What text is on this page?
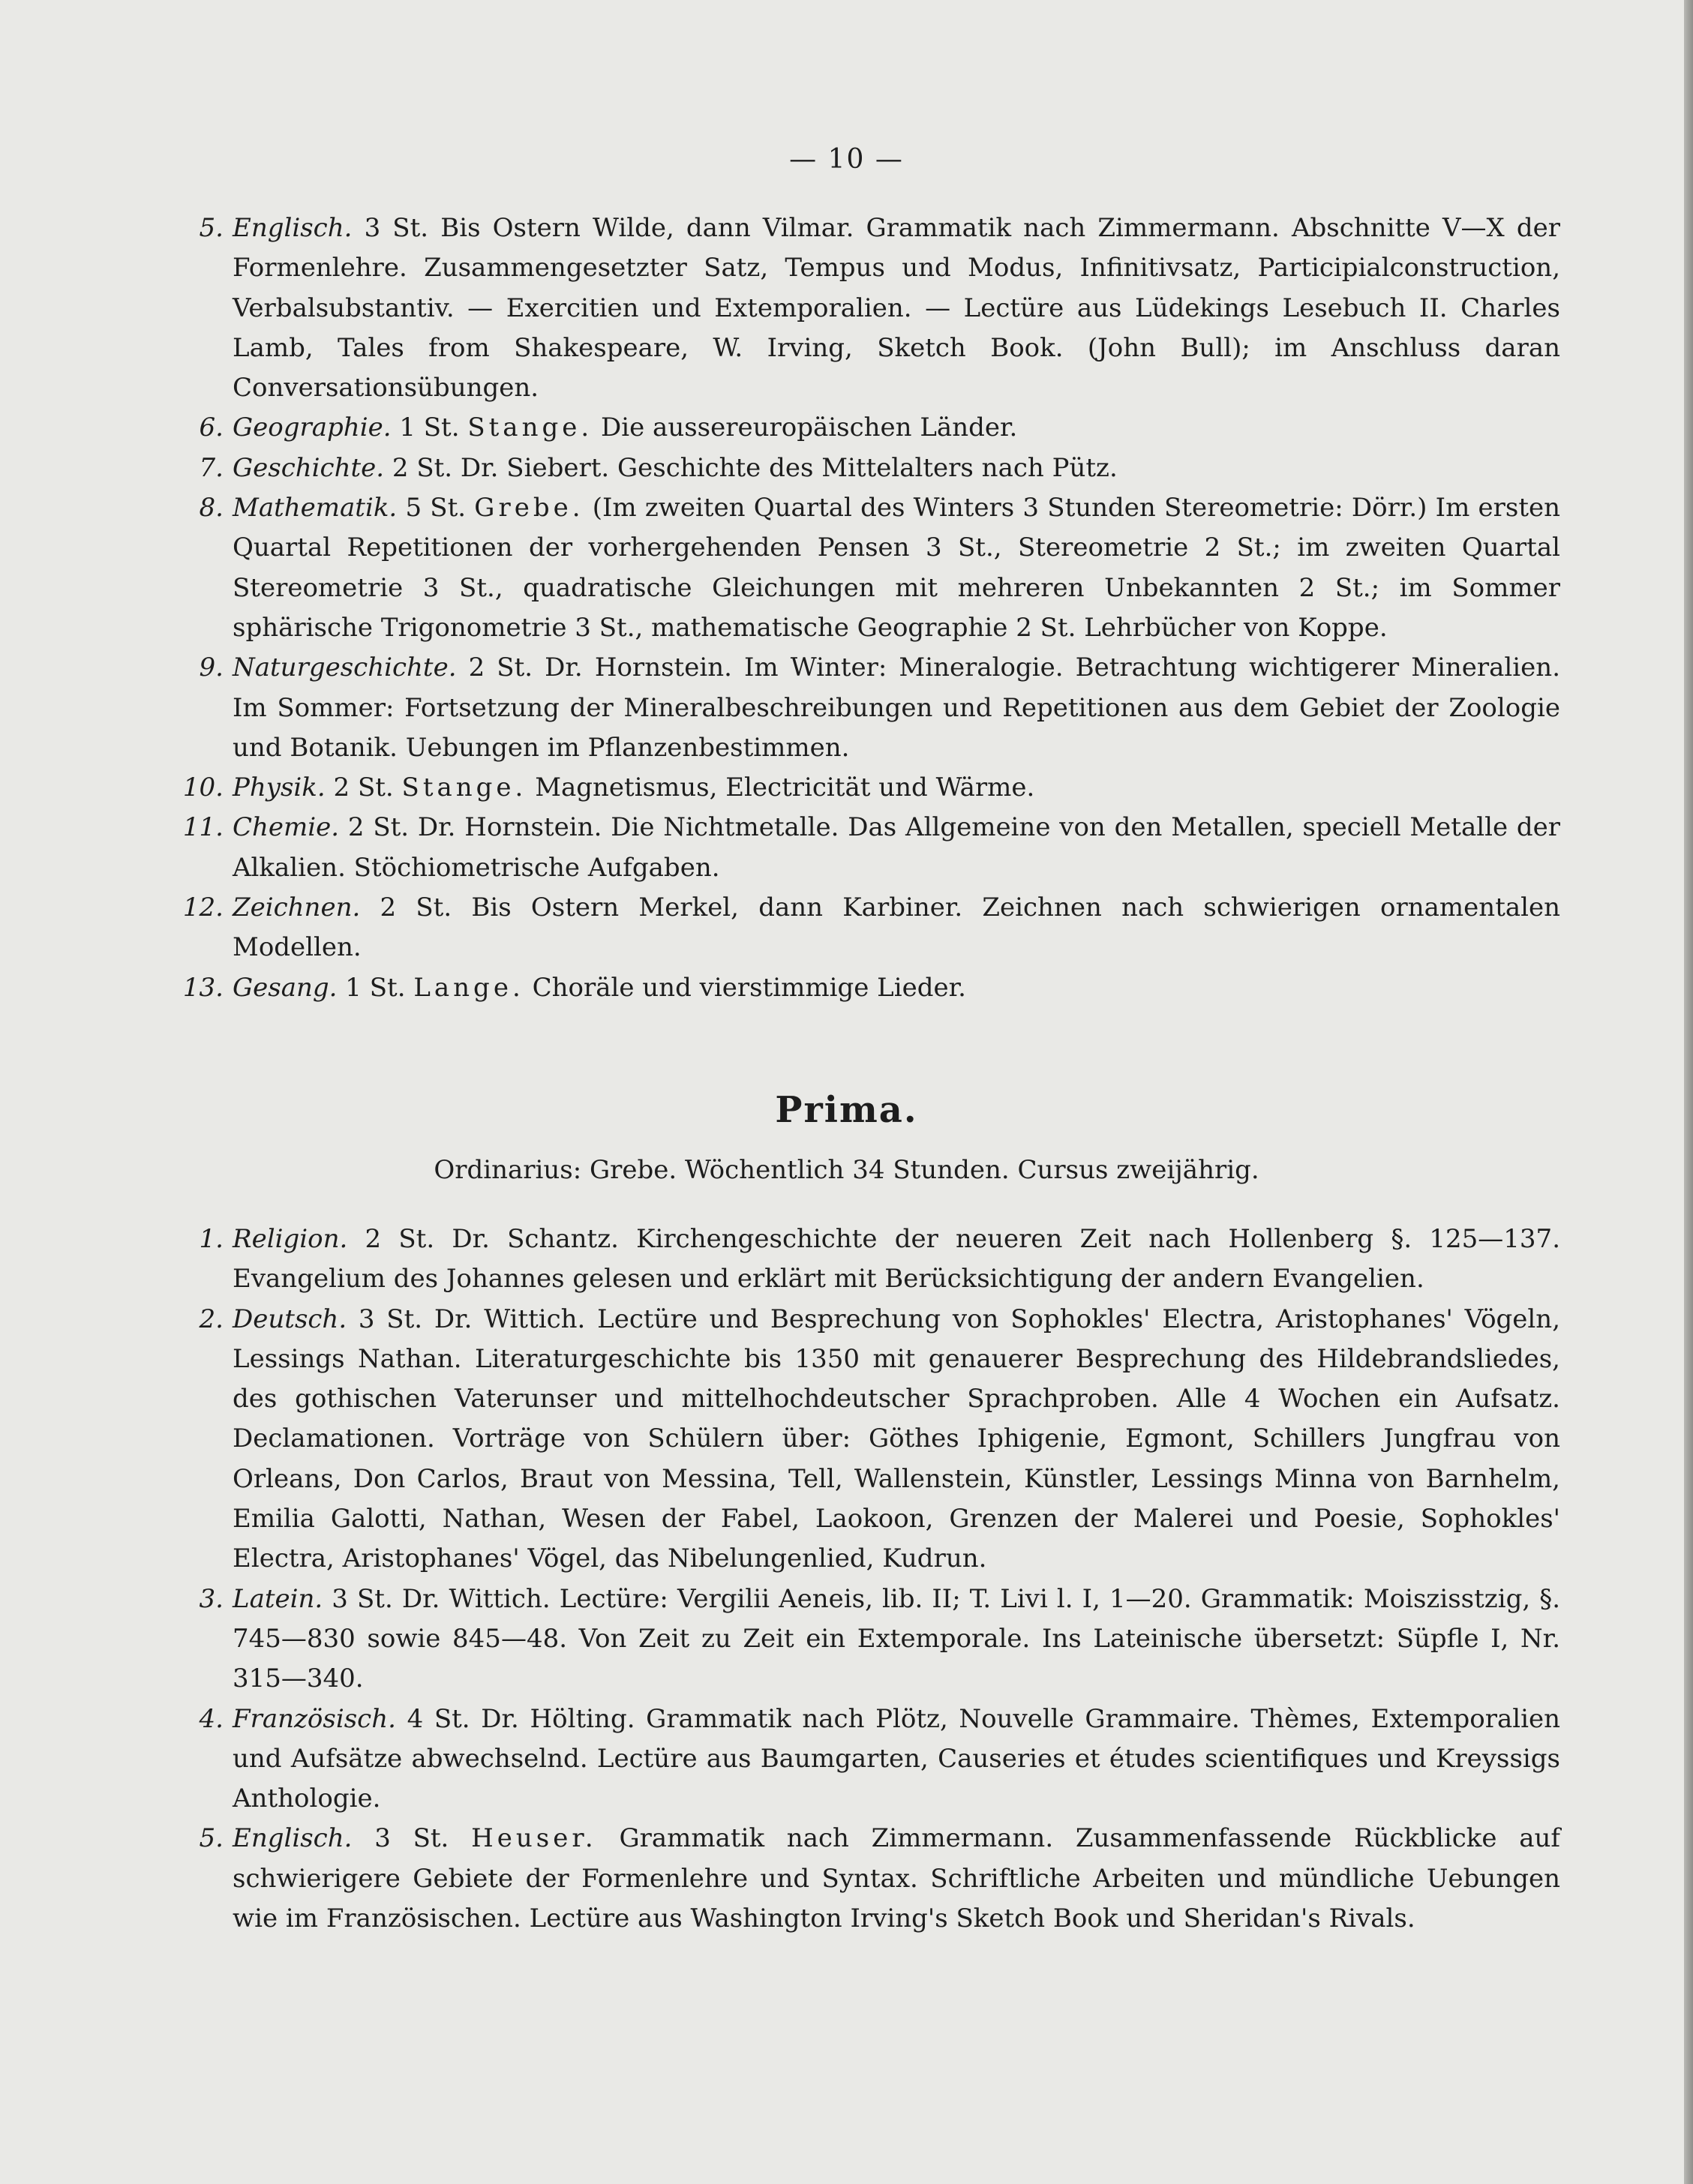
— 10 —
5. Englisch. 3 St. Bis Ostern Wilde, dann Vilmar. Grammatik nach Zimmermann. Abschnitte V—X der Formenlehre. Zusammengesetzter Satz, Tempus und Modus, Infinitivsatz, Participialconstruction, Verbalsubstantiv. — Exercitien und Extemporalien. — Lectüre aus Lüdekings Lesebuch II. Charles Lamb, Tales from Shakespeare, W. Irving, Sketch Book. (John Bull); im Anschluss daran Conversationsübungen.
6. Geographie. 1 St. Stange. Die aussereuropäischen Länder.
7. Geschichte. 2 St. Dr. Siebert. Geschichte des Mittelalters nach Pütz.
8. Mathematik. 5 St. Grebe. (Im zweiten Quartal des Winters 3 Stunden Stereometrie: Dörr.) Im ersten Quartal Repetitionen der vorhergehenden Pensen 3 St., Stereometrie 2 St.; im zweiten Quartal Stereometrie 3 St., quadratische Gleichungen mit mehreren Unbekannten 2 St.; im Sommer sphärische Trigonometrie 3 St., mathematische Geographie 2 St. Lehrbücher von Koppe.
9. Naturgeschichte. 2 St. Dr. Hornstein. Im Winter: Mineralogie. Betrachtung wichtigerer Mineralien. Im Sommer: Fortsetzung der Mineralbeschreibungen und Repetitionen aus dem Gebiet der Zoologie und Botanik. Uebungen im Pflanzenbestimmen.
10. Physik. 2 St. Stange. Magnetismus, Electricität und Wärme.
11. Chemie. 2 St. Dr. Hornstein. Die Nichtmetalle. Das Allgemeine von den Metallen, speciell Metalle der Alkalien. Stöchiometrische Aufgaben.
12. Zeichnen. 2 St. Bis Ostern Merkel, dann Karbiner. Zeichnen nach schwierigen ornamentalen Modellen.
13. Gesang. 1 St. Lange. Choräle und vierstimmige Lieder.
Prima.
Ordinarius: Grebe. Wöchentlich 34 Stunden. Cursus zweijährig.
1. Religion. 2 St. Dr. Schantz. Kirchengeschichte der neueren Zeit nach Hollenberg §. 125—137. Evangelium des Johannes gelesen und erklärt mit Berücksichtigung der andern Evangelien.
2. Deutsch. 3 St. Dr. Wittich. Lectüre und Besprechung von Sophokles' Electra, Aristophanes' Vögeln, Lessings Nathan. Literaturgeschichte bis 1350 mit genauerer Besprechung des Hildebrandsliedes, des gothischen Vaterunser und mittelhochdeutscher Sprachproben. Alle 4 Wochen ein Aufsatz. Declamationen. Vorträge von Schülern über: Göthes Iphigenie, Egmont, Schillers Jungfrau von Orleans, Don Carlos, Braut von Messina, Tell, Wallenstein, Künstler, Lessings Minna von Barnhelm, Emilia Galotti, Nathan, Wesen der Fabel, Laokoon, Grenzen der Malerei und Poesie, Sophokles' Electra, Aristophanes' Vögel, das Nibelungenlied, Kudrun.
3. Latein. 3 St. Dr. Wittich. Lectüre: Vergilii Aeneis, lib. II; T. Livi l. I, 1—20. Grammatik: Moiszisstzig, §. 745—830 sowie 845—48. Von Zeit zu Zeit ein Extemporale. Ins Lateinische übersetzt: Süpfle I, Nr. 315—340.
4. Französisch. 4 St. Dr. Hölting. Grammatik nach Plötz, Nouvelle Grammaire. Thèmes, Extemporalien und Aufsätze abwechselnd. Lectüre aus Baumgarten, Causeries et études scientifiques und Kreyssigs Anthologie.
5. Englisch. 3 St. Heuser. Grammatik nach Zimmermann. Zusammenfassende Rückblicke auf schwierigere Gebiete der Formenlehre und Syntax. Schriftliche Arbeiten und mündliche Uebungen wie im Französischen. Lectüre aus Washington Irving's Sketch Book und Sheridan's Rivals.
